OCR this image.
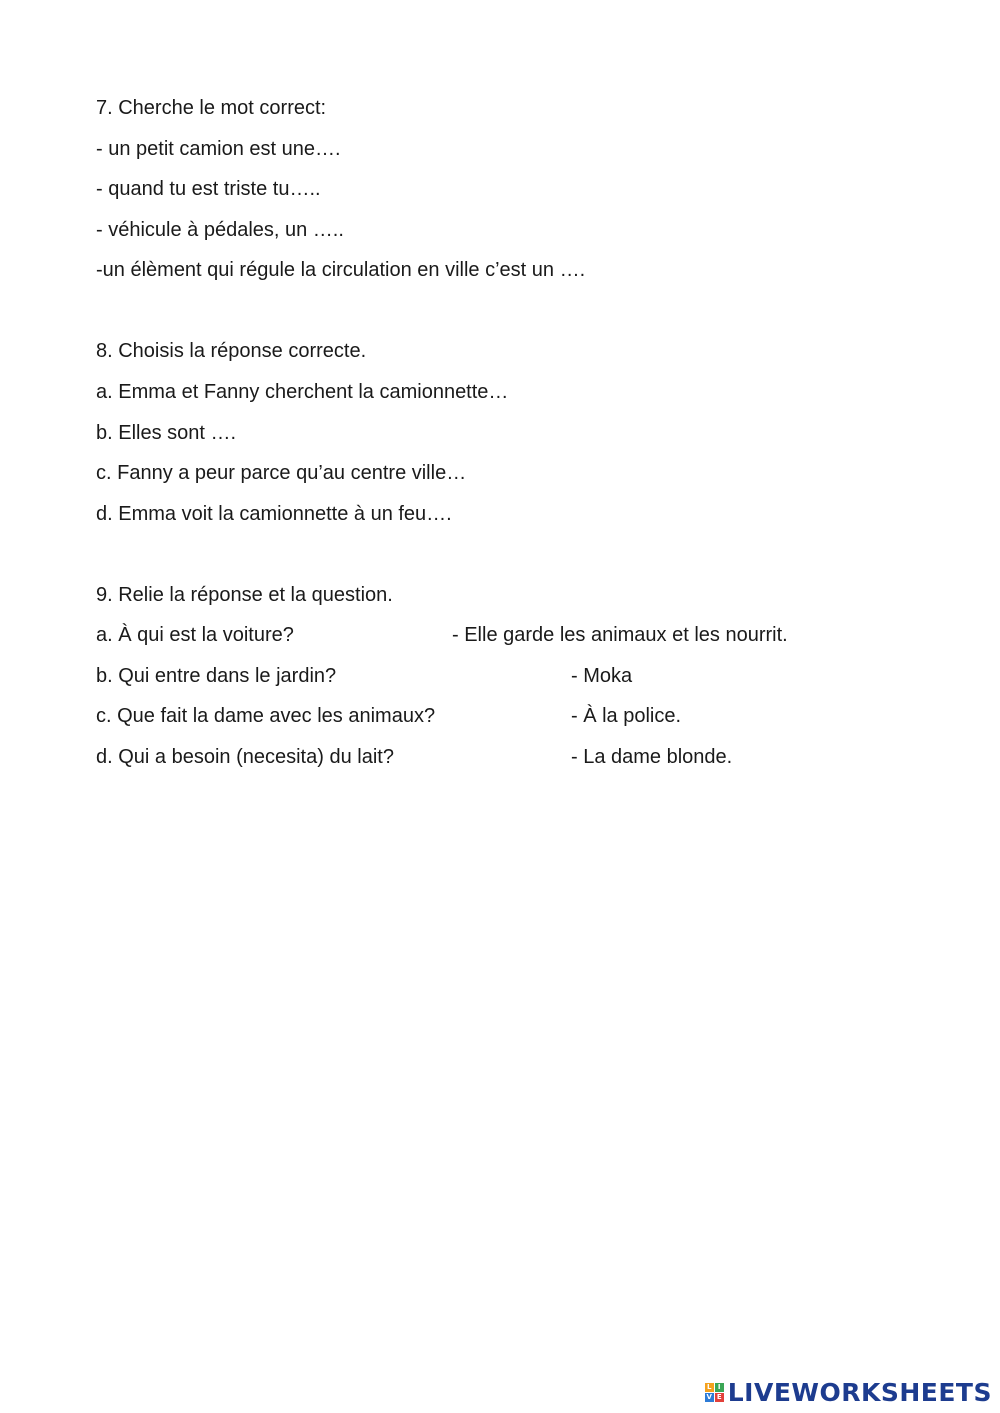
7. Cherche le mot correct:
- un petit camion est une….
- quand tu est triste tu…..
- véhicule à pédales, un …..
-un élèment qui régule la circulation en ville c’est un ….
8. Choisis la réponse correcte.
a. Emma et Fanny cherchent la camionnette…
b. Elles sont ….
c. Fanny a peur parce qu’au centre ville…
d. Emma voit la camionnette à un feu….
9. Relie la réponse et la question.
a. À qui est la voiture?	- Elle garde les animaux et les nourrit.
b. Qui entre dans le jardin?	- Moka
c. Que fait la dame avec les animaux?	- À la police.
d. Qui a besoin (necesita) du lait?	- La dame blonde.
L I
V E LIVEWORKSHEETS
